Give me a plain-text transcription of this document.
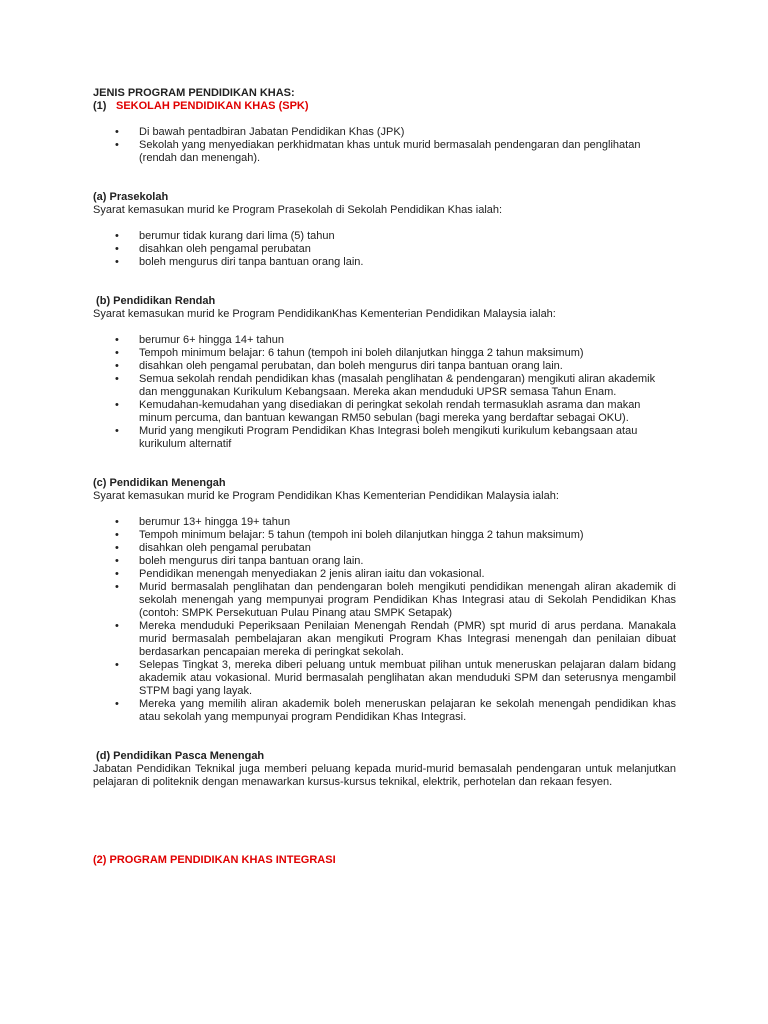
JENIS PROGRAM PENDIDIKAN KHAS:

(1) SEKOLAH PENDIDIKAN KHAS (SPK)

• Di bawah pentadbiran Jabatan Pendidikan Khas (JPK)
• Sekolah yang menyediakan perkhidmatan khas untuk murid bermasalah pendengaran dan penglihatan (rendah dan menengah).

(a) Prasekolah

Syarat kemasukan murid ke Program Prasekolah di Sekolah Pendidikan Khas ialah:

• berumur tidak kurang dari lima (5) tahun
• disahkan oleh pengamal perubatan
• boleh mengurus diri tanpa bantuan orang lain.

(b) Pendidikan Rendah

Syarat kemasukan murid ke Program PendidikanKhas Kementerian Pendidikan Malaysia ialah:

• berumur 6+ hingga 14+ tahun
• Tempoh minimum belajar: 6 tahun (tempoh ini boleh dilanjutkan hingga 2 tahun maksimum)
• disahkan oleh pengamal perubatan, dan boleh mengurus diri tanpa bantuan orang lain.
• Semua sekolah rendah pendidikan khas (masalah penglihatan & pendengaran) mengikuti aliran akademik dan menggunakan Kurikulum Kebangsaan. Mereka akan menduduki UPSR semasa Tahun Enam.
• Kemudahan-kemudahan yang disediakan di peringkat sekolah rendah termasuklah asrama dan makan minum percuma, dan bantuan kewangan RM50 sebulan (bagi mereka yang berdaftar sebagai OKU).
• Murid yang mengikuti Program Pendidikan Khas Integrasi boleh mengikuti kurikulum kebangsaan atau kurikulum alternatif

(c) Pendidikan Menengah

Syarat kemasukan murid ke Program Pendidikan Khas Kementerian Pendidikan Malaysia ialah:

• berumur 13+ hingga 19+ tahun
• Tempoh minimum belajar: 5 tahun (tempoh ini boleh dilanjutkan hingga 2 tahun maksimum)
• disahkan oleh pengamal perubatan
• boleh mengurus diri tanpa bantuan orang lain.
• Pendidikan menengah menyediakan 2 jenis aliran iaitu dan vokasional.
• Murid bermasalah penglihatan dan pendengaran boleh mengikuti pendidikan menengah aliran akademik di sekolah menengah yang mempunyai program Pendidikan Khas Integrasi atau di Sekolah Pendidikan Khas (contoh: SMPK Persekutuan Pulau Pinang atau SMPK Setapak)
• Mereka menduduki Peperiksaan Penilaian Menengah Rendah (PMR) spt murid di arus perdana. Manakala murid bermasalah pembelajaran akan mengikuti Program Khas Integrasi menengah dan penilaian dibuat berdasarkan pencapaian mereka di peringkat sekolah.
• Selepas Tingkat 3, mereka diberi peluang untuk membuat pilihan untuk meneruskan pelajaran dalam bidang akademik atau vokasional. Murid bermasalah penglihatan akan menduduki SPM dan seterusnya mengambil STPM bagi yang layak.
• Mereka yang memilih aliran akademik boleh meneruskan pelajaran ke sekolah menengah pendidikan khas atau sekolah yang mempunyai program Pendidikan Khas Integrasi.

(d) Pendidikan Pasca Menengah

Jabatan Pendidikan Teknikal juga memberi peluang kepada murid-murid bemasalah pendengaran untuk melanjutkan pelajaran di politeknik dengan menawarkan kursus-kursus teknikal, elektrik, perhotelan dan rekaan fesyen.

(2) PROGRAM PENDIDIKAN KHAS INTEGRASI
